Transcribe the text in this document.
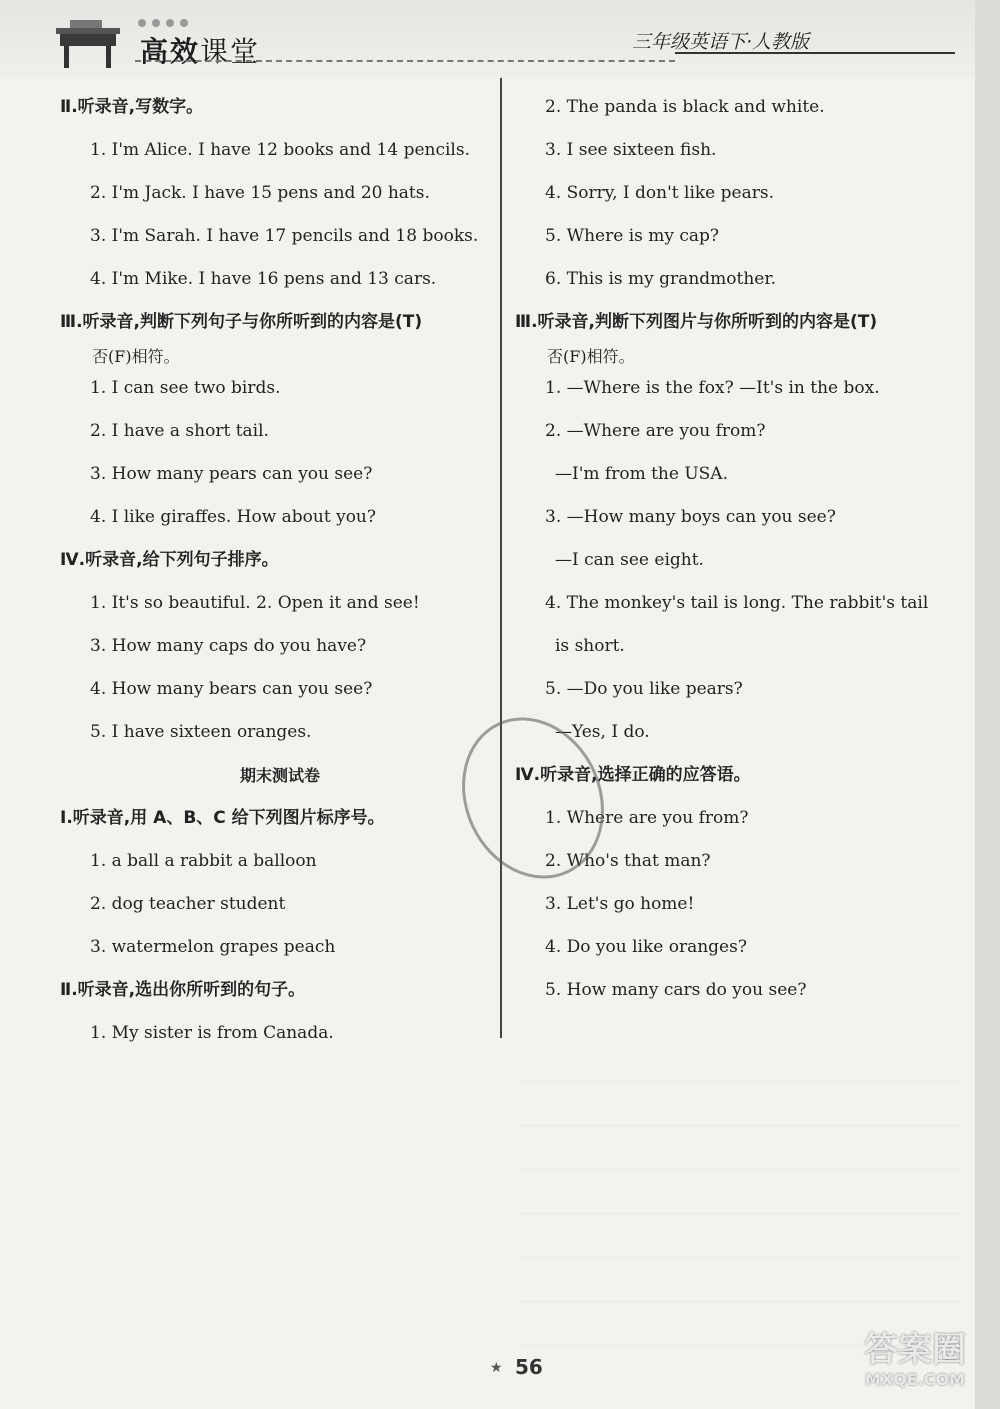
高效课堂	三年级英语下·人教版
Ⅱ.听录音,写数字。
1. I'm Alice. I have 12 books and 14 pencils.
2. I'm Jack. I have 15 pens and 20 hats.
3. I'm Sarah. I have 17 pencils and 18 books.
4. I'm Mike. I have 16 pens and 13 cars.
Ⅲ.听录音,判断下列句子与你所听到的内容是(T)
否(F)相符。
1. I can see two birds.
2. I have a short tail.
3. How many pears can you see?
4. I like giraffes. How about you?
Ⅳ.听录音,给下列句子排序。
1. It's so beautiful. 2. Open it and see!
3. How many caps do you have?
4. How many bears can you see?
5. I have sixteen oranges.
期末测试卷
Ⅰ.听录音,用 A、B、C 给下列图片标序号。
1. a ball a rabbit a balloon
2. dog teacher student
3. watermelon grapes peach
Ⅱ.听录音,选出你所听到的句子。
1. My sister is from Canada.
2. The panda is black and white.
3. I see sixteen fish.
4. Sorry, I don't like pears.
5. Where is my cap?
6. This is my grandmother.
Ⅲ.听录音,判断下列图片与你所听到的内容是(T)
否(F)相符。
1. —Where is the fox? —It's in the box.
2. —Where are you from?
—I'm from the USA.
3. —How many boys can you see?
—I can see eight.
4. The monkey's tail is long. The rabbit's tail
is short.
5. —Do you like pears?
—Yes, I do.
Ⅳ.听录音,选择正确的应答语。
1. Where are you from?
2. Who's that man?
3. Let's go home!
4. Do you like oranges?
5. How many cars do you see?
★ 56	答案圈
MXQE.COM
